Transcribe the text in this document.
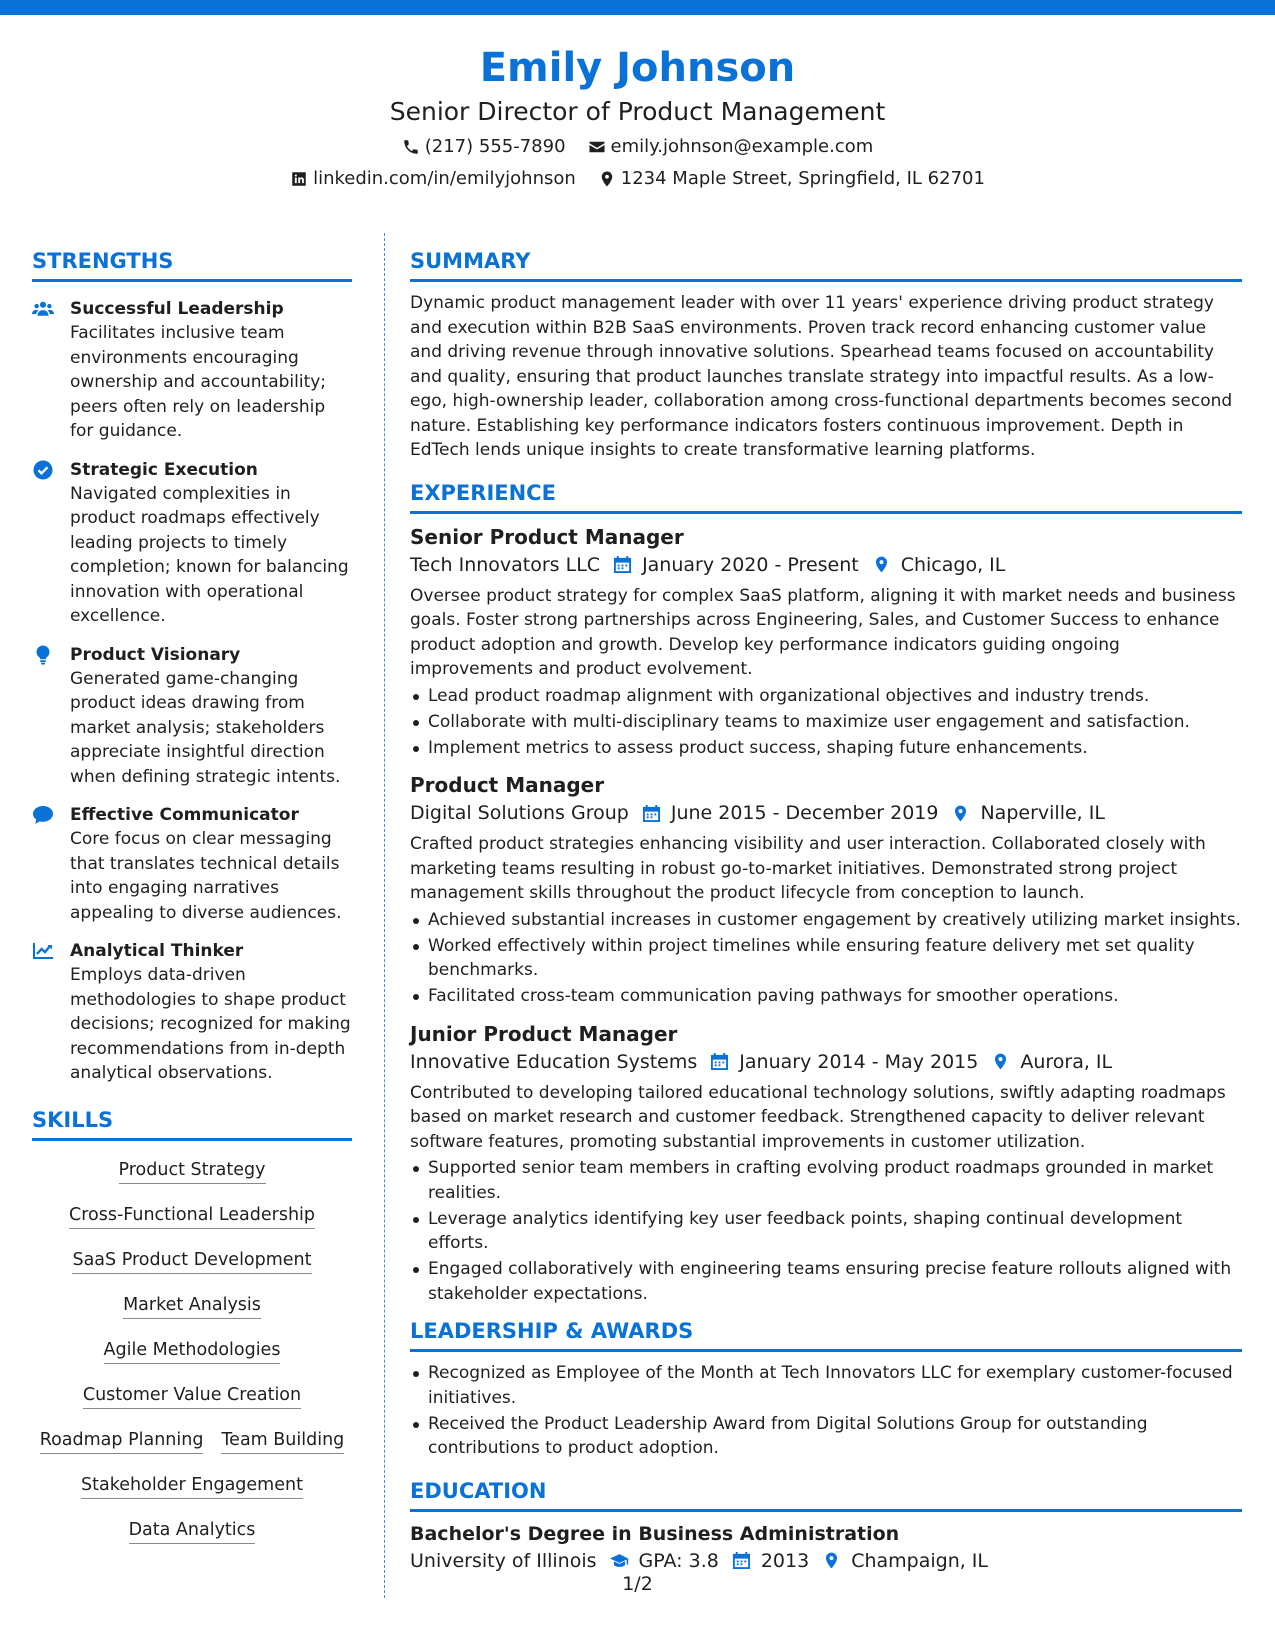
Emily Johnson
Senior Director of Product Management
(217) 555-7890	emily.johnson@example.com
linkedin.com/in/emilyjohnson	1234 Maple Street, Springfield, IL 62701
STRENGTHS
Successful Leadership
Facilitates inclusive team environments encouraging ownership and accountability; peers often rely on leadership for guidance.
Strategic Execution
Navigated complexities in product roadmaps effectively leading projects to timely completion; known for balancing innovation with operational excellence.
Product Visionary
Generated game-changing product ideas drawing from market analysis; stakeholders appreciate insightful direction when defining strategic intents.
Effective Communicator
Core focus on clear messaging that translates technical details into engaging narratives appealing to diverse audiences.
Analytical Thinker
Employs data-driven methodologies to shape product decisions; recognized for making recommendations from in-depth analytical observations.
SKILLS
Product Strategy
Cross-Functional Leadership
SaaS Product Development
Market Analysis
Agile Methodologies
Customer Value Creation
Roadmap Planning Team Building
Stakeholder Engagement
Data Analytics
SUMMARY
Dynamic product management leader with over 11 years' experience driving product strategy and execution within B2B SaaS environments. Proven track record enhancing customer value and driving revenue through innovative solutions. Spearhead teams focused on accountability and quality, ensuring that product launches translate strategy into impactful results. As a low-ego, high-ownership leader, collaboration among cross-functional departments becomes second nature. Establishing key performance indicators fosters continuous improvement. Depth in EdTech lends unique insights to create transformative learning platforms.
EXPERIENCE
Senior Product Manager
Tech Innovators LLC January 2020 - Present Chicago, IL
Oversee product strategy for complex SaaS platform, aligning it with market needs and business goals. Foster strong partnerships across Engineering, Sales, and Customer Success to enhance product adoption and growth. Develop key performance indicators guiding ongoing improvements and product evolvement.
Lead product roadmap alignment with organizational objectives and industry trends.
Collaborate with multi-disciplinary teams to maximize user engagement and satisfaction.
Implement metrics to assess product success, shaping future enhancements.
Product Manager
Digital Solutions Group June 2015 - December 2019 Naperville, IL
Crafted product strategies enhancing visibility and user interaction. Collaborated closely with marketing teams resulting in robust go-to-market initiatives. Demonstrated strong project management skills throughout the product lifecycle from conception to launch.
Achieved substantial increases in customer engagement by creatively utilizing market insights.
Worked effectively within project timelines while ensuring feature delivery met set quality benchmarks.
Facilitated cross-team communication paving pathways for smoother operations.
Junior Product Manager
Innovative Education Systems January 2014 - May 2015 Aurora, IL
Contributed to developing tailored educational technology solutions, swiftly adapting roadmaps based on market research and customer feedback. Strengthened capacity to deliver relevant software features, promoting substantial improvements in customer utilization.
Supported senior team members in crafting evolving product roadmaps grounded in market realities.
Leverage analytics identifying key user feedback points, shaping continual development efforts.
Engaged collaboratively with engineering teams ensuring precise feature rollouts aligned with stakeholder expectations.
LEADERSHIP & AWARDS
Recognized as Employee of the Month at Tech Innovators LLC for exemplary customer-focused initiatives.
Received the Product Leadership Award from Digital Solutions Group for outstanding contributions to product adoption.
EDUCATION
Bachelor's Degree in Business Administration
University of Illinois GPA: 3.8 2013 Champaign, IL
1/2
